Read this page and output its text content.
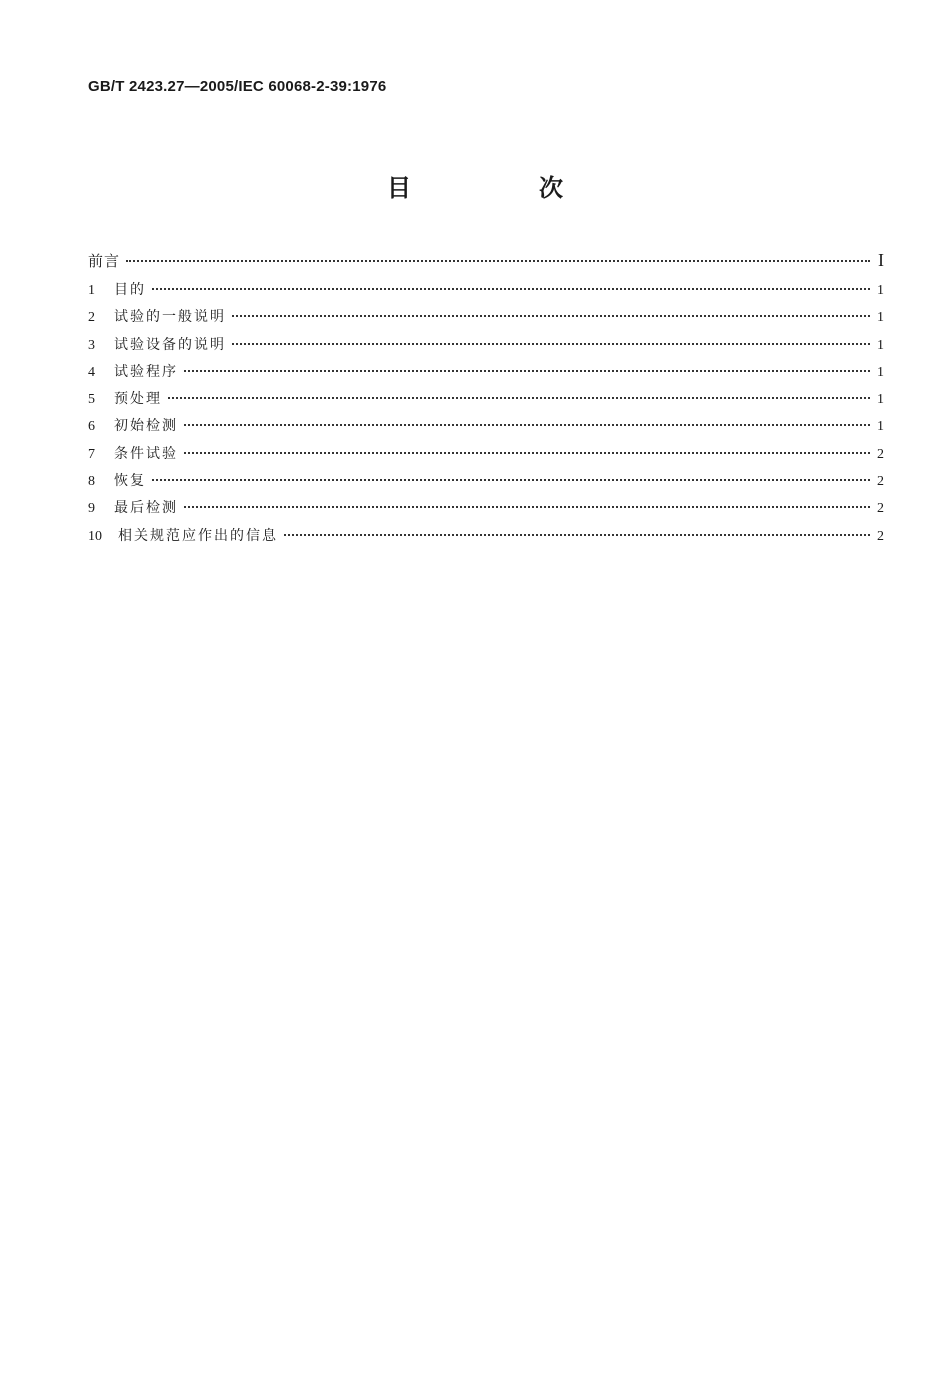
GB/T 2423.27—2005/IEC 60068-2-39:1976
目　次
前言	I
1	目的	1
2	试验的一般说明	1
3	试验设备的说明	1
4	试验程序	1
5	预处理	1
6	初始检测	1
7	条件试验	2
8	恢复	2
9	最后检测	2
10	相关规范应作出的信息	2
